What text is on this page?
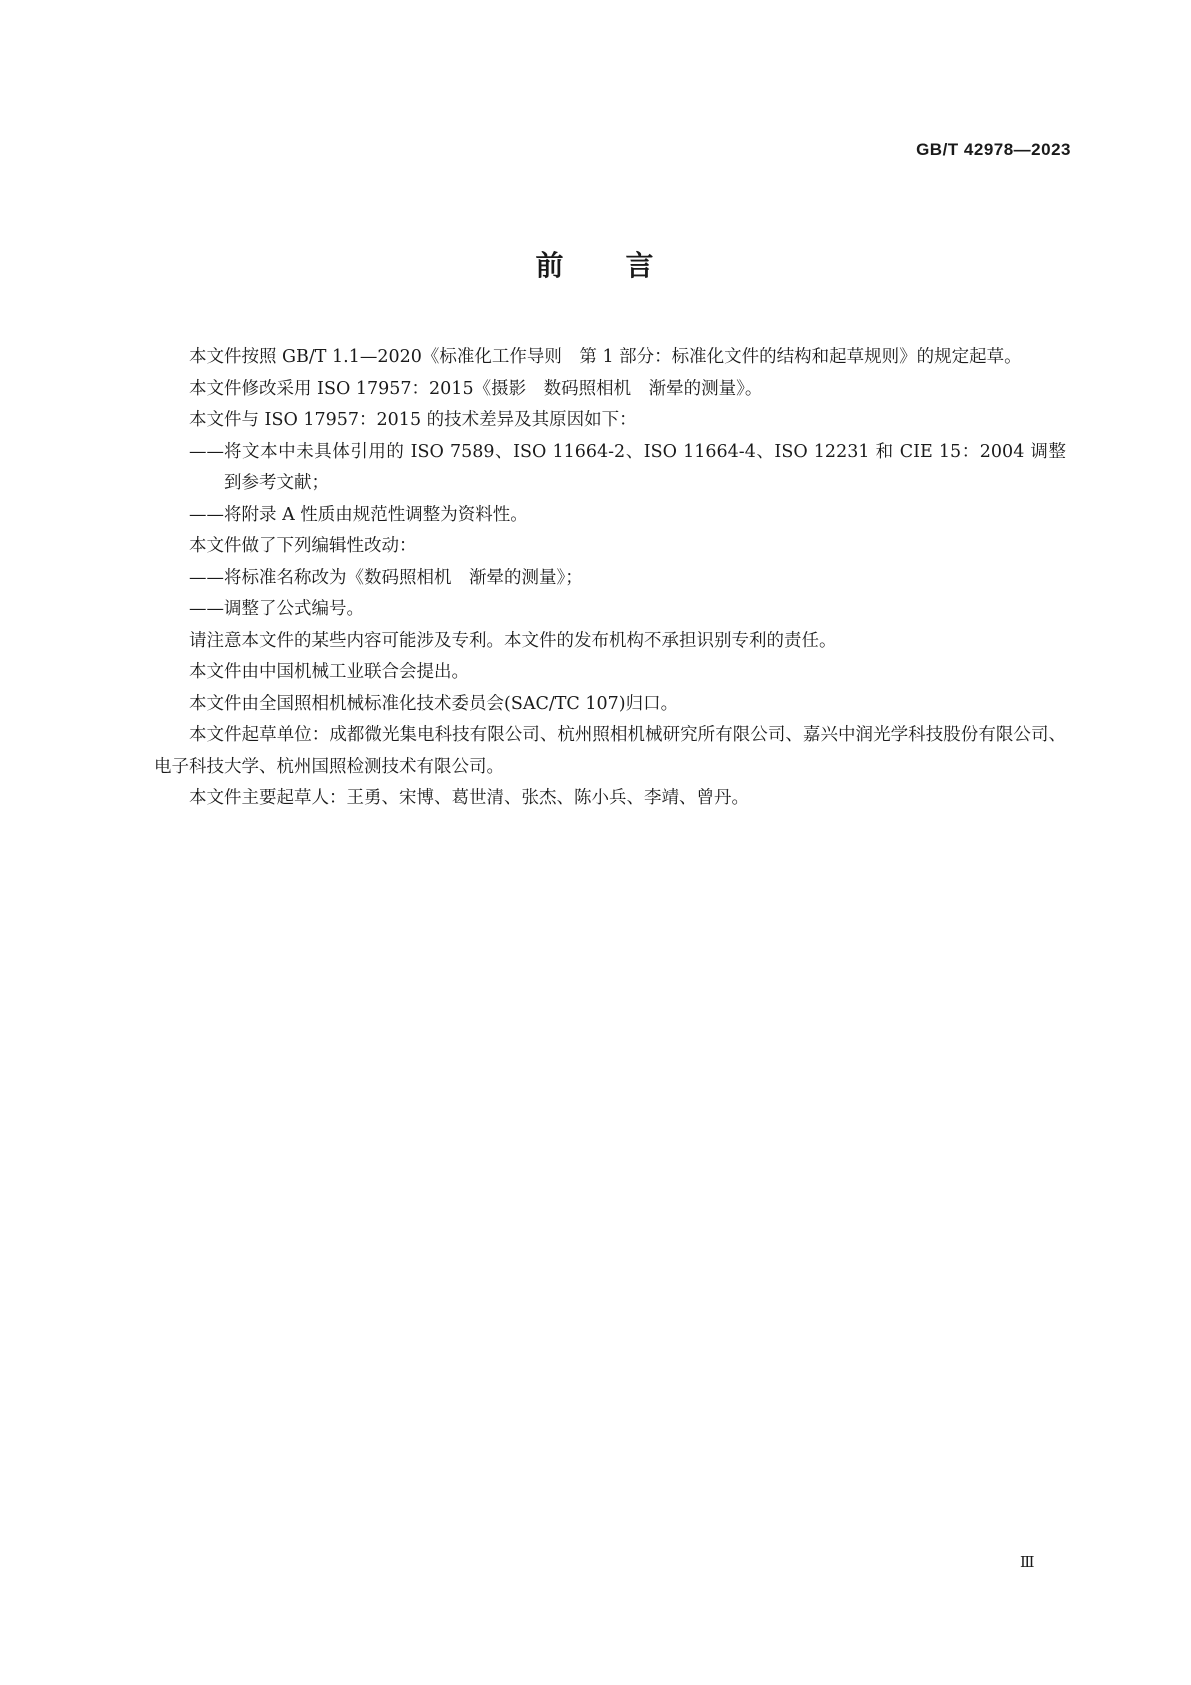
GB/T 42978—2023
前 言

本文件按照 GB/T 1.1—2020《标准化工作导则　第 1 部分：标准化文件的结构和起草规则》的规定起草。

本文件修改采用 ISO 17957：2015《摄影　数码照相机　渐晕的测量》。

本文件与 ISO 17957：2015 的技术差异及其原因如下：

—— 将文本中未具体引用的 ISO 7589、ISO 11664-2、ISO 11664-4、ISO 12231 和 CIE 15：2004 调整到参考文献；
—— 将附录 A 性质由规范性调整为资料性。

本文件做了下列编辑性改动：

—— 将标准名称改为《数码照相机　渐晕的测量》；
—— 调整了公式编号。

请注意本文件的某些内容可能涉及专利。本文件的发布机构不承担识别专利的责任。

本文件由中国机械工业联合会提出。

本文件由全国照相机械标准化技术委员会(SAC/TC 107)归口。

本文件起草单位：成都微光集电科技有限公司、杭州照相机械研究所有限公司、嘉兴中润光学科技股份有限公司、电子科技大学、杭州国照检测技术有限公司。

本文件主要起草人：王勇、宋博、葛世清、张杰、陈小兵、李靖、曾丹。

Ⅲ
